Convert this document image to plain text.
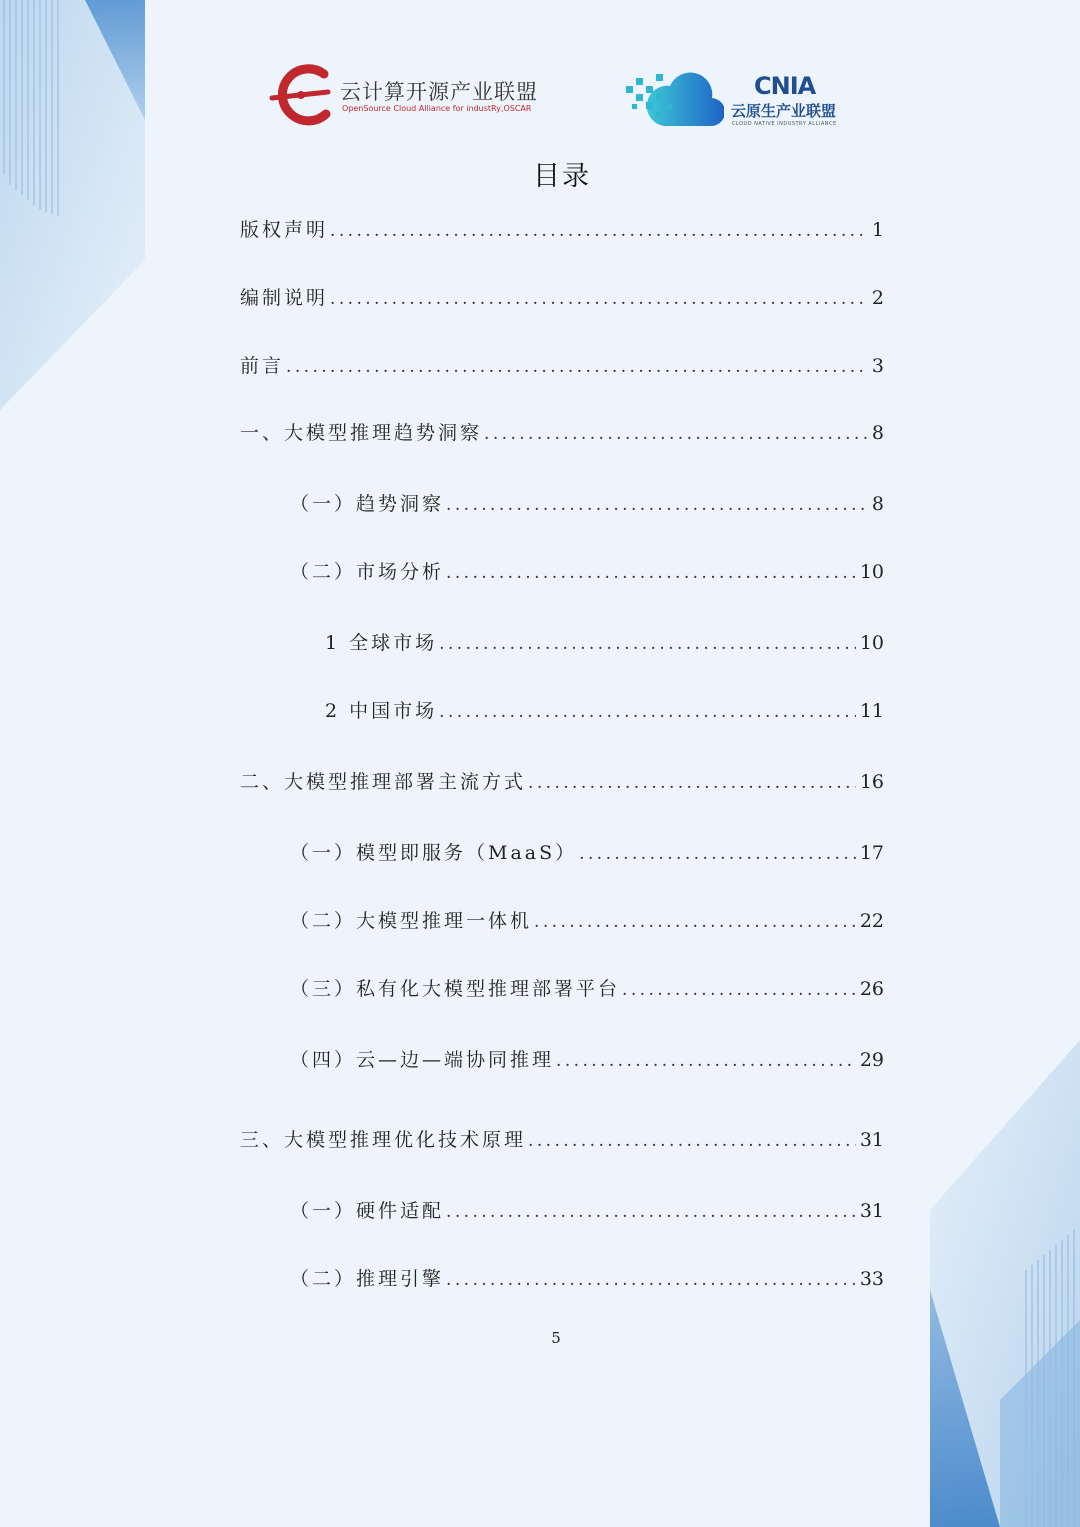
云计算开源产业联盟
OpenSource Cloud Alliance for industRy,OSCAR
CNIA
云原生产业联盟
CLOUD NATIVE INDUSTRY ALLIANCE
目录
版权声明 . . .	1
编制说明 . . .	2
前言 . . .	3
一、大模型推理趋势洞察 . . .	8
（一）趋势洞察 . . .	8
（二）市场分析 . . .	10
1 全球市场 . . .	10
2 中国市场 . . .	11
二、大模型推理部署主流方式 . . .	16
（一）模型即服务（MaaS） . . .	17
（二）大模型推理一体机 . . .	22
（三）私有化大模型推理部署平台 . . .	26
（四）云—边—端协同推理 . . .	29
三、大模型推理优化技术原理 . . .	31
（一）硬件适配 . . .	31
（二）推理引擎 . . .	33
5
